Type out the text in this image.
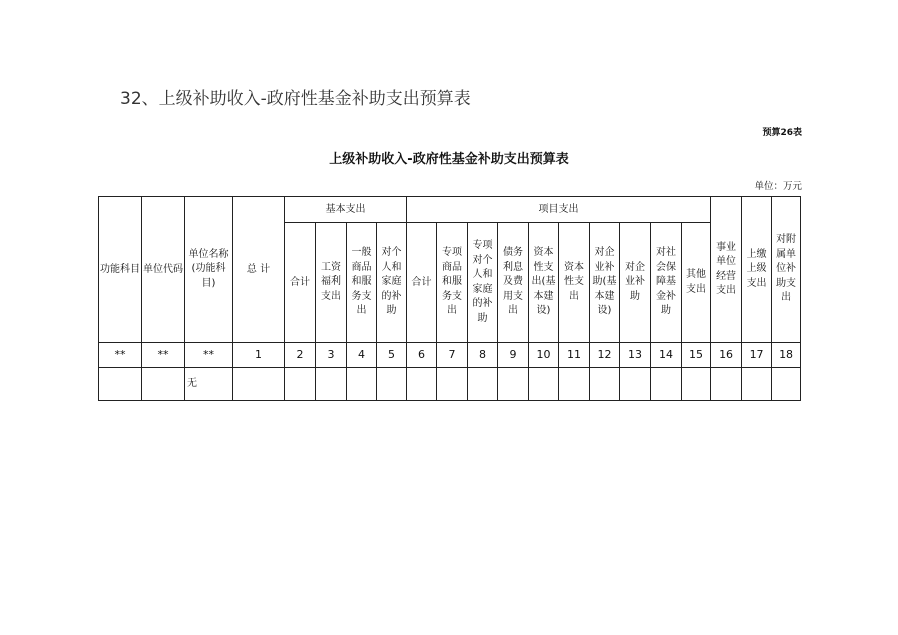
32、上级补助收入-政府性基金补助支出预算表
预算26表
上级补助收入-政府性基金补助支出预算表
单位：万元
功能科目	单位代码	单位名称(功能科目)	总 计	基本支出				项目支出										事业单位经营支出	上缴上级支出	对附属单位补助支出
				合计	工资福利支出	一般商品和服务支出	对个人和家庭的补助	合计	专项商品和服务支出	专项对个人和家庭的补助	债务利息及费用支出	资本性支出(基本建设)	资本性支出	对企业补助(基本建设)	对企业补助	对社会保障基金补助	其他支出			
**	**	**	1	2	3	4	5	6	7	8	9	10	11	12	13	14	15	16	17	18
		无																		
